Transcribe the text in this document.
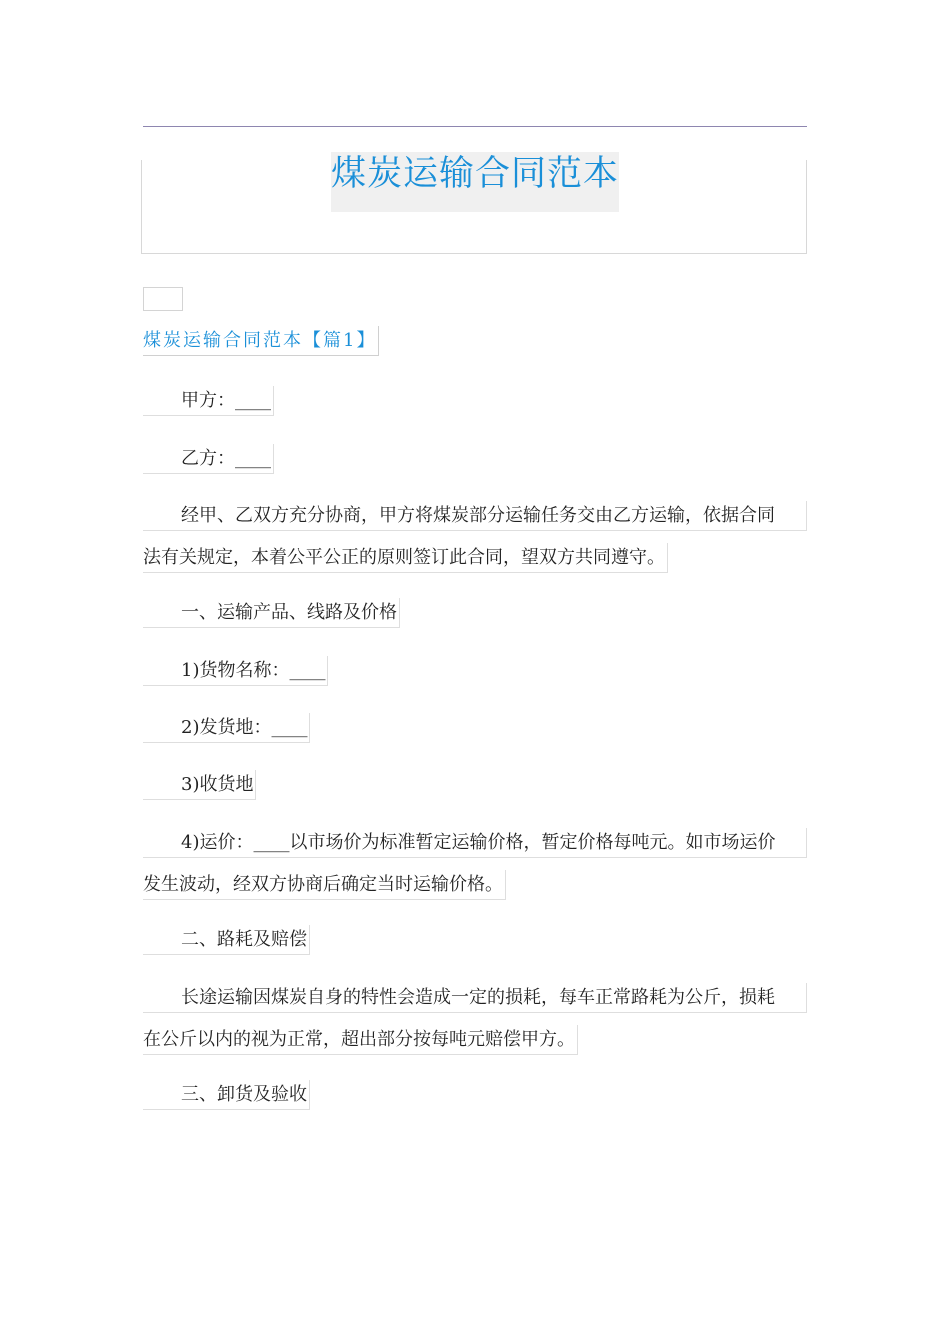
煤炭运输合同范本
煤炭运输合同范本【篇1】
甲方：____
乙方：____
经甲、乙双方充分协商，甲方将煤炭部分运输任务交由乙方运输，依据合同
法有关规定，本着公平公正的原则签订此合同，望双方共同遵守。
一、运输产品、线路及价格
1)货物名称：____
2)发货地：____
3)收货地
4)运价：____以市场价为标准暂定运输价格，暂定价格每吨元。如市场运价
发生波动，经双方协商后确定当时运输价格。
二、路耗及赔偿
长途运输因煤炭自身的特性会造成一定的损耗，每车正常路耗为公斤，损耗
在公斤以内的视为正常，超出部分按每吨元赔偿甲方。
三、卸货及验收
